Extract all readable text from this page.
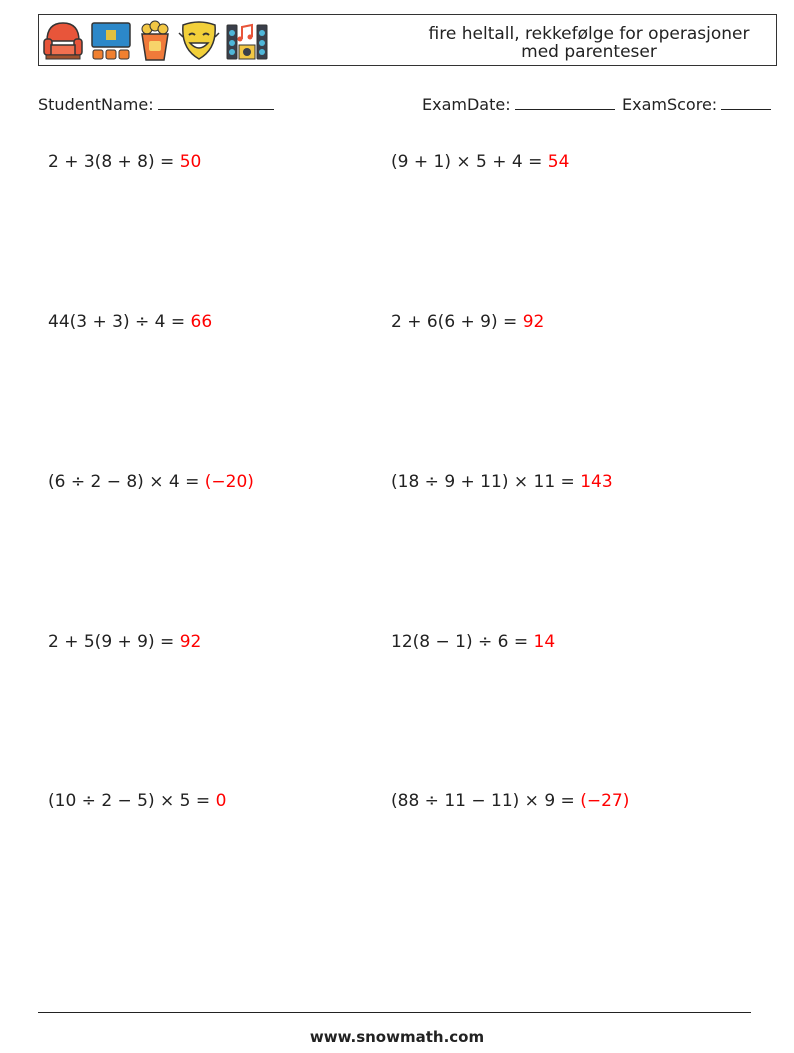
fire heltall, rekkefølge for operasjoner med parenteser
StudentName:	ExamDate:	ExamScore:
2 + 3(8 + 8) = 50	(9 + 1) × 5 + 4 = 54
44(3 + 3) ÷ 4 = 66	2 + 6(6 + 9) = 92
(6 ÷ 2 − 8) × 4 = (−20)	(18 ÷ 9 + 11) × 11 = 143
2 + 5(9 + 9) = 92	12(8 − 1) ÷ 6 = 14
(10 ÷ 2 − 5) × 5 = 0	(88 ÷ 11 − 11) × 9 = (−27)
www.snowmath.com
